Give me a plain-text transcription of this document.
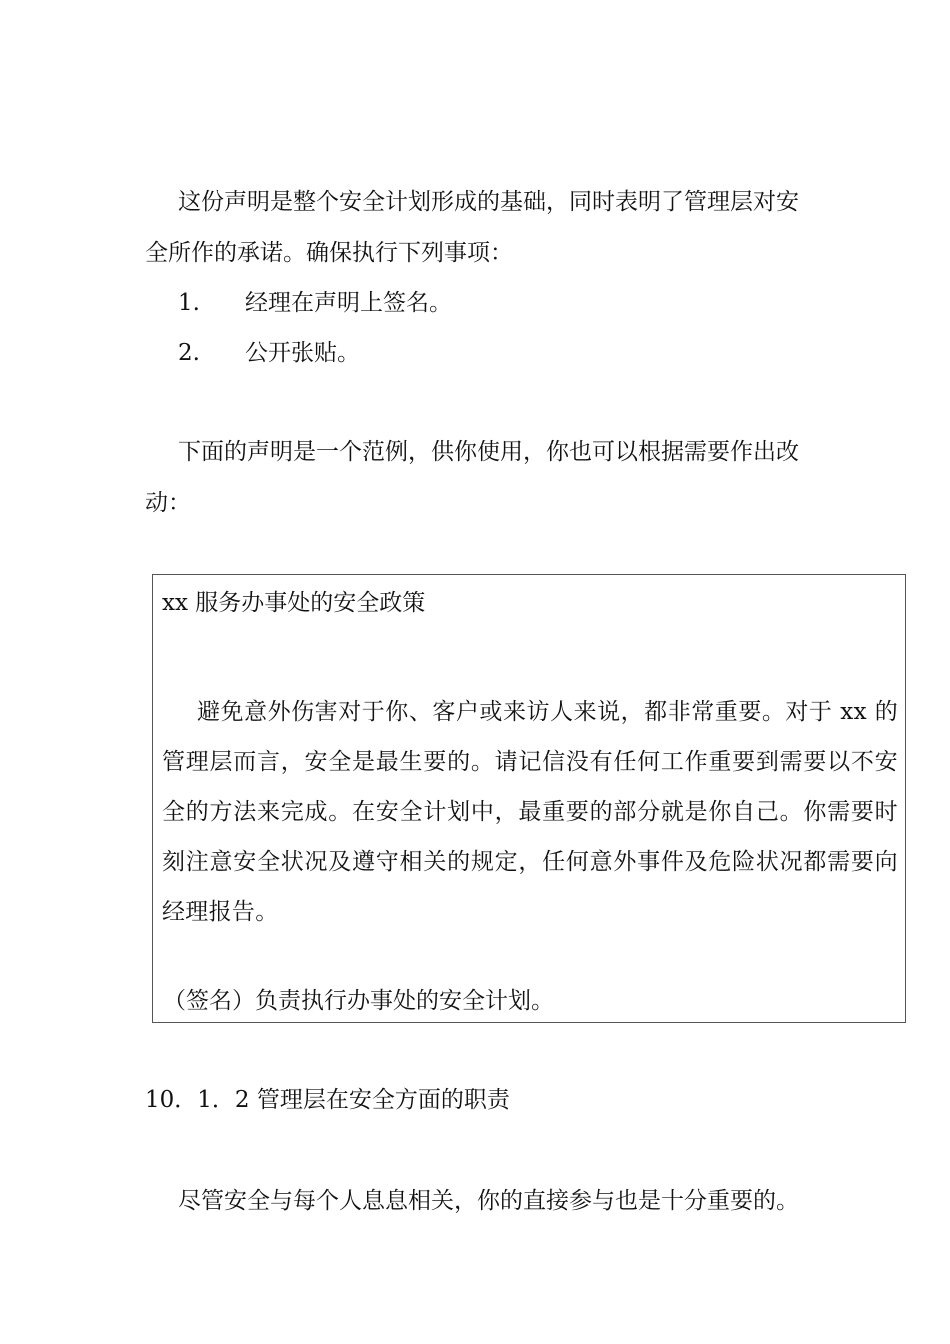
这份声明是整个安全计划形成的基础，同时表明了管理层对安
全所作的承诺。确保执行下列事项：
1. 经理在声明上签名。
2. 公开张贴。
下面的声明是一个范例，供你使用，你也可以根据需要作出改
动：
xx 服务办事处的安全政策
避免意外伤害对于你、客户或来访人来说，都非常重要。对于 xx 的管理层而言，安全是最生要的。请记信没有任何工作重要到需要以不安全的方法来完成。在安全计划中，最重要的部分就是你自己。你需要时刻注意安全状况及遵守相关的规定，任何意外事件及危险状况都需要向经理报告。
（签名）负责执行办事处的安全计划。
10．1．2 管理层在安全方面的职责
尽管安全与每个人息息相关，你的直接参与也是十分重要的。
